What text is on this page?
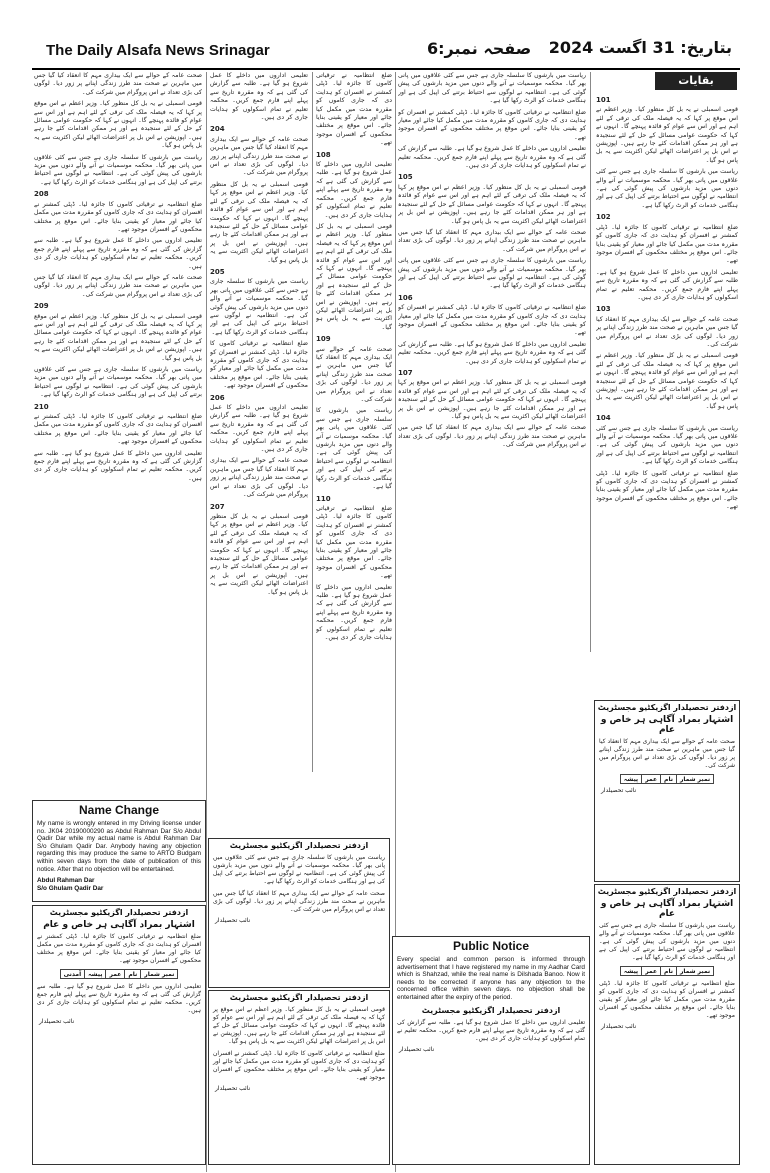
The Daily Alsafa News Srinagar	صفحہ نمبر:6 بتاریخ: 31 اگست 2024
بقایات
101

قومی اسمبلی نے یہ بل کل منظور کیا۔ وزیر اعظم نے اس موقع پر کہا کہ یہ فیصلہ ملک کی ترقی کے لئے اہم ہے اور اس سے عوام کو فائدہ پہنچے گا۔ انہوں نے کہا کہ حکومت عوامی مسائل کے حل کے لئے سنجیدہ ہے اور ہر ممکن اقدامات کئے جا رہے ہیں۔ اپوزیشن نے اس بل پر اعتراضات اٹھائے لیکن اکثریت سے یہ بل پاس ہو گیا۔

ریاست میں بارشوں کا سلسلہ جاری ہے جس سے کئی علاقوں میں پانی بھر گیا۔ محکمہ موسمیات نے آنے والے دنوں میں مزید بارشوں کی پیش گوئی کی ہے۔ انتظامیہ نے لوگوں سے احتیاط برتنے کی اپیل کی ہے اور ہنگامی خدمات کو الرٹ رکھا گیا ہے۔

102

ضلع انتظامیہ نے ترقیاتی کاموں کا جائزہ لیا۔ ڈپٹی کمشنر نے افسران کو ہدایت دی کہ جاری کاموں کو مقررہ مدت میں مکمل کیا جائے اور معیار کو یقینی بنایا جائے۔ اس موقع پر مختلف محکموں کے افسران موجود تھے۔

تعلیمی اداروں میں داخلے کا عمل شروع ہو گیا ہے۔ طلبہ سے گزارش کی گئی ہے کہ وہ مقررہ تاریخ سے پہلے اپنے فارم جمع کریں۔ محکمہ تعلیم نے تمام اسکولوں کو ہدایات جاری کر دی ہیں۔

103

صحت عامہ کے حوالے سے ایک بیداری مہم کا انعقاد کیا گیا جس میں ماہرین نے صحت مند طرز زندگی اپنانے پر زور دیا۔ لوگوں کی بڑی تعداد نے اس پروگرام میں شرکت کی۔

قومی اسمبلی نے یہ بل کل منظور کیا۔ وزیر اعظم نے اس موقع پر کہا کہ یہ فیصلہ ملک کی ترقی کے لئے اہم ہے اور اس سے عوام کو فائدہ پہنچے گا۔ انہوں نے کہا کہ حکومت عوامی مسائل کے حل کے لئے سنجیدہ ہے اور ہر ممکن اقدامات کئے جا رہے ہیں۔ اپوزیشن نے اس بل پر اعتراضات اٹھائے لیکن اکثریت سے یہ بل پاس ہو گیا۔

104

ریاست میں بارشوں کا سلسلہ جاری ہے جس سے کئی علاقوں میں پانی بھر گیا۔ محکمہ موسمیات نے آنے والے دنوں میں مزید بارشوں کی پیش گوئی کی ہے۔ انتظامیہ نے لوگوں سے احتیاط برتنے کی اپیل کی ہے اور ہنگامی خدمات کو الرٹ رکھا گیا ہے۔

ضلع انتظامیہ نے ترقیاتی کاموں کا جائزہ لیا۔ ڈپٹی کمشنر نے افسران کو ہدایت دی کہ جاری کاموں کو مقررہ مدت میں مکمل کیا جائے اور معیار کو یقینی بنایا جائے۔ اس موقع پر مختلف محکموں کے افسران موجود تھے۔

ریاست میں بارشوں کا سلسلہ جاری ہے جس سے کئی علاقوں میں پانی بھر گیا۔ محکمہ موسمیات نے آنے والے دنوں میں مزید بارشوں کی پیش گوئی کی ہے۔ انتظامیہ نے لوگوں سے احتیاط برتنے کی اپیل کی ہے اور ہنگامی خدمات کو الرٹ رکھا گیا ہے۔

ضلع انتظامیہ نے ترقیاتی کاموں کا جائزہ لیا۔ ڈپٹی کمشنر نے افسران کو ہدایت دی کہ جاری کاموں کو مقررہ مدت میں مکمل کیا جائے اور معیار کو یقینی بنایا جائے۔ اس موقع پر مختلف محکموں کے افسران موجود تھے۔

تعلیمی اداروں میں داخلے کا عمل شروع ہو گیا ہے۔ طلبہ سے گزارش کی گئی ہے کہ وہ مقررہ تاریخ سے پہلے اپنے فارم جمع کریں۔ محکمہ تعلیم نے تمام اسکولوں کو ہدایات جاری کر دی ہیں۔

105

قومی اسمبلی نے یہ بل کل منظور کیا۔ وزیر اعظم نے اس موقع پر کہا کہ یہ فیصلہ ملک کی ترقی کے لئے اہم ہے اور اس سے عوام کو فائدہ پہنچے گا۔ انہوں نے کہا کہ حکومت عوامی مسائل کے حل کے لئے سنجیدہ ہے اور ہر ممکن اقدامات کئے جا رہے ہیں۔ اپوزیشن نے اس بل پر اعتراضات اٹھائے لیکن اکثریت سے یہ بل پاس ہو گیا۔

صحت عامہ کے حوالے سے ایک بیداری مہم کا انعقاد کیا گیا جس میں ماہرین نے صحت مند طرز زندگی اپنانے پر زور دیا۔ لوگوں کی بڑی تعداد نے اس پروگرام میں شرکت کی۔

ریاست میں بارشوں کا سلسلہ جاری ہے جس سے کئی علاقوں میں پانی بھر گیا۔ محکمہ موسمیات نے آنے والے دنوں میں مزید بارشوں کی پیش گوئی کی ہے۔ انتظامیہ نے لوگوں سے احتیاط برتنے کی اپیل کی ہے اور ہنگامی خدمات کو الرٹ رکھا گیا ہے۔

106

ضلع انتظامیہ نے ترقیاتی کاموں کا جائزہ لیا۔ ڈپٹی کمشنر نے افسران کو ہدایت دی کہ جاری کاموں کو مقررہ مدت میں مکمل کیا جائے اور معیار کو یقینی بنایا جائے۔ اس موقع پر مختلف محکموں کے افسران موجود تھے۔

تعلیمی اداروں میں داخلے کا عمل شروع ہو گیا ہے۔ طلبہ سے گزارش کی گئی ہے کہ وہ مقررہ تاریخ سے پہلے اپنے فارم جمع کریں۔ محکمہ تعلیم نے تمام اسکولوں کو ہدایات جاری کر دی ہیں۔

107

قومی اسمبلی نے یہ بل کل منظور کیا۔ وزیر اعظم نے اس موقع پر کہا کہ یہ فیصلہ ملک کی ترقی کے لئے اہم ہے اور اس سے عوام کو فائدہ پہنچے گا۔ انہوں نے کہا کہ حکومت عوامی مسائل کے حل کے لئے سنجیدہ ہے اور ہر ممکن اقدامات کئے جا رہے ہیں۔ اپوزیشن نے اس بل پر اعتراضات اٹھائے لیکن اکثریت سے یہ بل پاس ہو گیا۔

صحت عامہ کے حوالے سے ایک بیداری مہم کا انعقاد کیا گیا جس میں ماہرین نے صحت مند طرز زندگی اپنانے پر زور دیا۔ لوگوں کی بڑی تعداد نے اس پروگرام میں شرکت کی۔

ضلع انتظامیہ نے ترقیاتی کاموں کا جائزہ لیا۔ ڈپٹی کمشنر نے افسران کو ہدایت دی کہ جاری کاموں کو مقررہ مدت میں مکمل کیا جائے اور معیار کو یقینی بنایا جائے۔ اس موقع پر مختلف محکموں کے افسران موجود تھے۔

108

تعلیمی اداروں میں داخلے کا عمل شروع ہو گیا ہے۔ طلبہ سے گزارش کی گئی ہے کہ وہ مقررہ تاریخ سے پہلے اپنے فارم جمع کریں۔ محکمہ تعلیم نے تمام اسکولوں کو ہدایات جاری کر دی ہیں۔

قومی اسمبلی نے یہ بل کل منظور کیا۔ وزیر اعظم نے اس موقع پر کہا کہ یہ فیصلہ ملک کی ترقی کے لئے اہم ہے اور اس سے عوام کو فائدہ پہنچے گا۔ انہوں نے کہا کہ حکومت عوامی مسائل کے حل کے لئے سنجیدہ ہے اور ہر ممکن اقدامات کئے جا رہے ہیں۔ اپوزیشن نے اس بل پر اعتراضات اٹھائے لیکن اکثریت سے یہ بل پاس ہو گیا۔

109

صحت عامہ کے حوالے سے ایک بیداری مہم کا انعقاد کیا گیا جس میں ماہرین نے صحت مند طرز زندگی اپنانے پر زور دیا۔ لوگوں کی بڑی تعداد نے اس پروگرام میں شرکت کی۔

ریاست میں بارشوں کا سلسلہ جاری ہے جس سے کئی علاقوں میں پانی بھر گیا۔ محکمہ موسمیات نے آنے والے دنوں میں مزید بارشوں کی پیش گوئی کی ہے۔ انتظامیہ نے لوگوں سے احتیاط برتنے کی اپیل کی ہے اور ہنگامی خدمات کو الرٹ رکھا گیا ہے۔

110

ضلع انتظامیہ نے ترقیاتی کاموں کا جائزہ لیا۔ ڈپٹی کمشنر نے افسران کو ہدایت دی کہ جاری کاموں کو مقررہ مدت میں مکمل کیا جائے اور معیار کو یقینی بنایا جائے۔ اس موقع پر مختلف محکموں کے افسران موجود تھے۔

تعلیمی اداروں میں داخلے کا عمل شروع ہو گیا ہے۔ طلبہ سے گزارش کی گئی ہے کہ وہ مقررہ تاریخ سے پہلے اپنے فارم جمع کریں۔ محکمہ تعلیم نے تمام اسکولوں کو ہدایات جاری کر دی ہیں۔

تعلیمی اداروں میں داخلے کا عمل شروع ہو گیا ہے۔ طلبہ سے گزارش کی گئی ہے کہ وہ مقررہ تاریخ سے پہلے اپنے فارم جمع کریں۔ محکمہ تعلیم نے تمام اسکولوں کو ہدایات جاری کر دی ہیں۔

204

صحت عامہ کے حوالے سے ایک بیداری مہم کا انعقاد کیا گیا جس میں ماہرین نے صحت مند طرز زندگی اپنانے پر زور دیا۔ لوگوں کی بڑی تعداد نے اس پروگرام میں شرکت کی۔

قومی اسمبلی نے یہ بل کل منظور کیا۔ وزیر اعظم نے اس موقع پر کہا کہ یہ فیصلہ ملک کی ترقی کے لئے اہم ہے اور اس سے عوام کو فائدہ پہنچے گا۔ انہوں نے کہا کہ حکومت عوامی مسائل کے حل کے لئے سنجیدہ ہے اور ہر ممکن اقدامات کئے جا رہے ہیں۔ اپوزیشن نے اس بل پر اعتراضات اٹھائے لیکن اکثریت سے یہ بل پاس ہو گیا۔

205

ریاست میں بارشوں کا سلسلہ جاری ہے جس سے کئی علاقوں میں پانی بھر گیا۔ محکمہ موسمیات نے آنے والے دنوں میں مزید بارشوں کی پیش گوئی کی ہے۔ انتظامیہ نے لوگوں سے احتیاط برتنے کی اپیل کی ہے اور ہنگامی خدمات کو الرٹ رکھا گیا ہے۔

ضلع انتظامیہ نے ترقیاتی کاموں کا جائزہ لیا۔ ڈپٹی کمشنر نے افسران کو ہدایت دی کہ جاری کاموں کو مقررہ مدت میں مکمل کیا جائے اور معیار کو یقینی بنایا جائے۔ اس موقع پر مختلف محکموں کے افسران موجود تھے۔

206

تعلیمی اداروں میں داخلے کا عمل شروع ہو گیا ہے۔ طلبہ سے گزارش کی گئی ہے کہ وہ مقررہ تاریخ سے پہلے اپنے فارم جمع کریں۔ محکمہ تعلیم نے تمام اسکولوں کو ہدایات جاری کر دی ہیں۔

صحت عامہ کے حوالے سے ایک بیداری مہم کا انعقاد کیا گیا جس میں ماہرین نے صحت مند طرز زندگی اپنانے پر زور دیا۔ لوگوں کی بڑی تعداد نے اس پروگرام میں شرکت کی۔

207

قومی اسمبلی نے یہ بل کل منظور کیا۔ وزیر اعظم نے اس موقع پر کہا کہ یہ فیصلہ ملک کی ترقی کے لئے اہم ہے اور اس سے عوام کو فائدہ پہنچے گا۔ انہوں نے کہا کہ حکومت عوامی مسائل کے حل کے لئے سنجیدہ ہے اور ہر ممکن اقدامات کئے جا رہے ہیں۔ اپوزیشن نے اس بل پر اعتراضات اٹھائے لیکن اکثریت سے یہ بل پاس ہو گیا۔

صحت عامہ کے حوالے سے ایک بیداری مہم کا انعقاد کیا گیا جس میں ماہرین نے صحت مند طرز زندگی اپنانے پر زور دیا۔ لوگوں کی بڑی تعداد نے اس پروگرام میں شرکت کی۔

قومی اسمبلی نے یہ بل کل منظور کیا۔ وزیر اعظم نے اس موقع پر کہا کہ یہ فیصلہ ملک کی ترقی کے لئے اہم ہے اور اس سے عوام کو فائدہ پہنچے گا۔ انہوں نے کہا کہ حکومت عوامی مسائل کے حل کے لئے سنجیدہ ہے اور ہر ممکن اقدامات کئے جا رہے ہیں۔ اپوزیشن نے اس بل پر اعتراضات اٹھائے لیکن اکثریت سے یہ بل پاس ہو گیا۔

ریاست میں بارشوں کا سلسلہ جاری ہے جس سے کئی علاقوں میں پانی بھر گیا۔ محکمہ موسمیات نے آنے والے دنوں میں مزید بارشوں کی پیش گوئی کی ہے۔ انتظامیہ نے لوگوں سے احتیاط برتنے کی اپیل کی ہے اور ہنگامی خدمات کو الرٹ رکھا گیا ہے۔

208

ضلع انتظامیہ نے ترقیاتی کاموں کا جائزہ لیا۔ ڈپٹی کمشنر نے افسران کو ہدایت دی کہ جاری کاموں کو مقررہ مدت میں مکمل کیا جائے اور معیار کو یقینی بنایا جائے۔ اس موقع پر مختلف محکموں کے افسران موجود تھے۔

تعلیمی اداروں میں داخلے کا عمل شروع ہو گیا ہے۔ طلبہ سے گزارش کی گئی ہے کہ وہ مقررہ تاریخ سے پہلے اپنے فارم جمع کریں۔ محکمہ تعلیم نے تمام اسکولوں کو ہدایات جاری کر دی ہیں۔

صحت عامہ کے حوالے سے ایک بیداری مہم کا انعقاد کیا گیا جس میں ماہرین نے صحت مند طرز زندگی اپنانے پر زور دیا۔ لوگوں کی بڑی تعداد نے اس پروگرام میں شرکت کی۔

209

قومی اسمبلی نے یہ بل کل منظور کیا۔ وزیر اعظم نے اس موقع پر کہا کہ یہ فیصلہ ملک کی ترقی کے لئے اہم ہے اور اس سے عوام کو فائدہ پہنچے گا۔ انہوں نے کہا کہ حکومت عوامی مسائل کے حل کے لئے سنجیدہ ہے اور ہر ممکن اقدامات کئے جا رہے ہیں۔ اپوزیشن نے اس بل پر اعتراضات اٹھائے لیکن اکثریت سے یہ بل پاس ہو گیا۔

ریاست میں بارشوں کا سلسلہ جاری ہے جس سے کئی علاقوں میں پانی بھر گیا۔ محکمہ موسمیات نے آنے والے دنوں میں مزید بارشوں کی پیش گوئی کی ہے۔ انتظامیہ نے لوگوں سے احتیاط برتنے کی اپیل کی ہے اور ہنگامی خدمات کو الرٹ رکھا گیا ہے۔

210

ضلع انتظامیہ نے ترقیاتی کاموں کا جائزہ لیا۔ ڈپٹی کمشنر نے افسران کو ہدایت دی کہ جاری کاموں کو مقررہ مدت میں مکمل کیا جائے اور معیار کو یقینی بنایا جائے۔ اس موقع پر مختلف محکموں کے افسران موجود تھے۔

تعلیمی اداروں میں داخلے کا عمل شروع ہو گیا ہے۔ طلبہ سے گزارش کی گئی ہے کہ وہ مقررہ تاریخ سے پہلے اپنے فارم جمع کریں۔ محکمہ تعلیم نے تمام اسکولوں کو ہدایات جاری کر دی ہیں۔

Name Change
My name is wrongly entered in my Driving license under no. JK04 20190000290 as Abdul Rahman Dar S/o Abdul Qadir Dar while my actual name is Abdul Rahman Dar S/o Ghulam Qadir Dar. Anybody having any objection regarding this may produce the same to ARTO Budgam within seven days from the date of publication of this notice. After that no objection will be entertained.
Abdul Rahman Dar
S/o Ghulam Qadir Dar
ازدفتر تحصیلدار اگزیکٹیو مجسٹریٹ
اشتہار بمراد آگاہی ہر خاص و عام
ضلع انتظامیہ نے ترقیاتی کاموں کا جائزہ لیا۔ ڈپٹی کمشنر نے افسران کو ہدایت دی کہ جاری کاموں کو مقررہ مدت میں مکمل کیا جائے اور معیار کو یقینی بنایا جائے۔ اس موقع پر مختلف محکموں کے افسران موجود تھے۔
نمبر شمار	نام	عمر	پیشہ	آمدنی
تعلیمی اداروں میں داخلے کا عمل شروع ہو گیا ہے۔ طلبہ سے گزارش کی گئی ہے کہ وہ مقررہ تاریخ سے پہلے اپنے فارم جمع کریں۔ محکمہ تعلیم نے تمام اسکولوں کو ہدایات جاری کر دی ہیں۔
نائب تحصیلدار
ازدفتر تحصیلدار اگزیکٹیو مجسٹریٹ
ریاست میں بارشوں کا سلسلہ جاری ہے جس سے کئی علاقوں میں پانی بھر گیا۔ محکمہ موسمیات نے آنے والے دنوں میں مزید بارشوں کی پیش گوئی کی ہے۔ انتظامیہ نے لوگوں سے احتیاط برتنے کی اپیل کی ہے اور ہنگامی خدمات کو الرٹ رکھا گیا ہے۔
صحت عامہ کے حوالے سے ایک بیداری مہم کا انعقاد کیا گیا جس میں ماہرین نے صحت مند طرز زندگی اپنانے پر زور دیا۔ لوگوں کی بڑی تعداد نے اس پروگرام میں شرکت کی۔
نائب تحصیلدار
ازدفتر تحصیلدار اگزیکٹیو مجسٹریٹ
قومی اسمبلی نے یہ بل کل منظور کیا۔ وزیر اعظم نے اس موقع پر کہا کہ یہ فیصلہ ملک کی ترقی کے لئے اہم ہے اور اس سے عوام کو فائدہ پہنچے گا۔ انہوں نے کہا کہ حکومت عوامی مسائل کے حل کے لئے سنجیدہ ہے اور ہر ممکن اقدامات کئے جا رہے ہیں۔ اپوزیشن نے اس بل پر اعتراضات اٹھائے لیکن اکثریت سے یہ بل پاس ہو گیا۔
ضلع انتظامیہ نے ترقیاتی کاموں کا جائزہ لیا۔ ڈپٹی کمشنر نے افسران کو ہدایت دی کہ جاری کاموں کو مقررہ مدت میں مکمل کیا جائے اور معیار کو یقینی بنایا جائے۔ اس موقع پر مختلف محکموں کے افسران موجود تھے۔
نائب تحصیلدار
Public Notice
Every special and common person is informed through advertisement that I have registered my name in my Aadhar Card which is Shahzad, while the real name is Dilshada Banoo. Now it needs to be corrected if anyone has any objection to the concerned office within seven days. no objection shall be entertained after the expiry of the period.
ازدفتر تحصیلدار اگزیکٹیو مجسٹریٹ
تعلیمی اداروں میں داخلے کا عمل شروع ہو گیا ہے۔ طلبہ سے گزارش کی گئی ہے کہ وہ مقررہ تاریخ سے پہلے اپنے فارم جمع کریں۔ محکمہ تعلیم نے تمام اسکولوں کو ہدایات جاری کر دی ہیں۔
نائب تحصیلدار
ازدفتر تحصیلدار اگزیکٹیو مجسٹریٹ
اشتہار بمراد آگاہی ہر خاص و عام
صحت عامہ کے حوالے سے ایک بیداری مہم کا انعقاد کیا گیا جس میں ماہرین نے صحت مند طرز زندگی اپنانے پر زور دیا۔ لوگوں کی بڑی تعداد نے اس پروگرام میں شرکت کی۔
نمبر شمار	نام	عمر	پیشہ
نائب تحصیلدار
ازدفتر تحصیلدار اگزیکٹیو مجسٹریٹ
اشتہار بمراد آگاہی ہر خاص و عام
ریاست میں بارشوں کا سلسلہ جاری ہے جس سے کئی علاقوں میں پانی بھر گیا۔ محکمہ موسمیات نے آنے والے دنوں میں مزید بارشوں کی پیش گوئی کی ہے۔ انتظامیہ نے لوگوں سے احتیاط برتنے کی اپیل کی ہے اور ہنگامی خدمات کو الرٹ رکھا گیا ہے۔
نمبر شمار	نام	عمر	پیشہ
ضلع انتظامیہ نے ترقیاتی کاموں کا جائزہ لیا۔ ڈپٹی کمشنر نے افسران کو ہدایت دی کہ جاری کاموں کو مقررہ مدت میں مکمل کیا جائے اور معیار کو یقینی بنایا جائے۔ اس موقع پر مختلف محکموں کے افسران موجود تھے۔
نائب تحصیلدار
